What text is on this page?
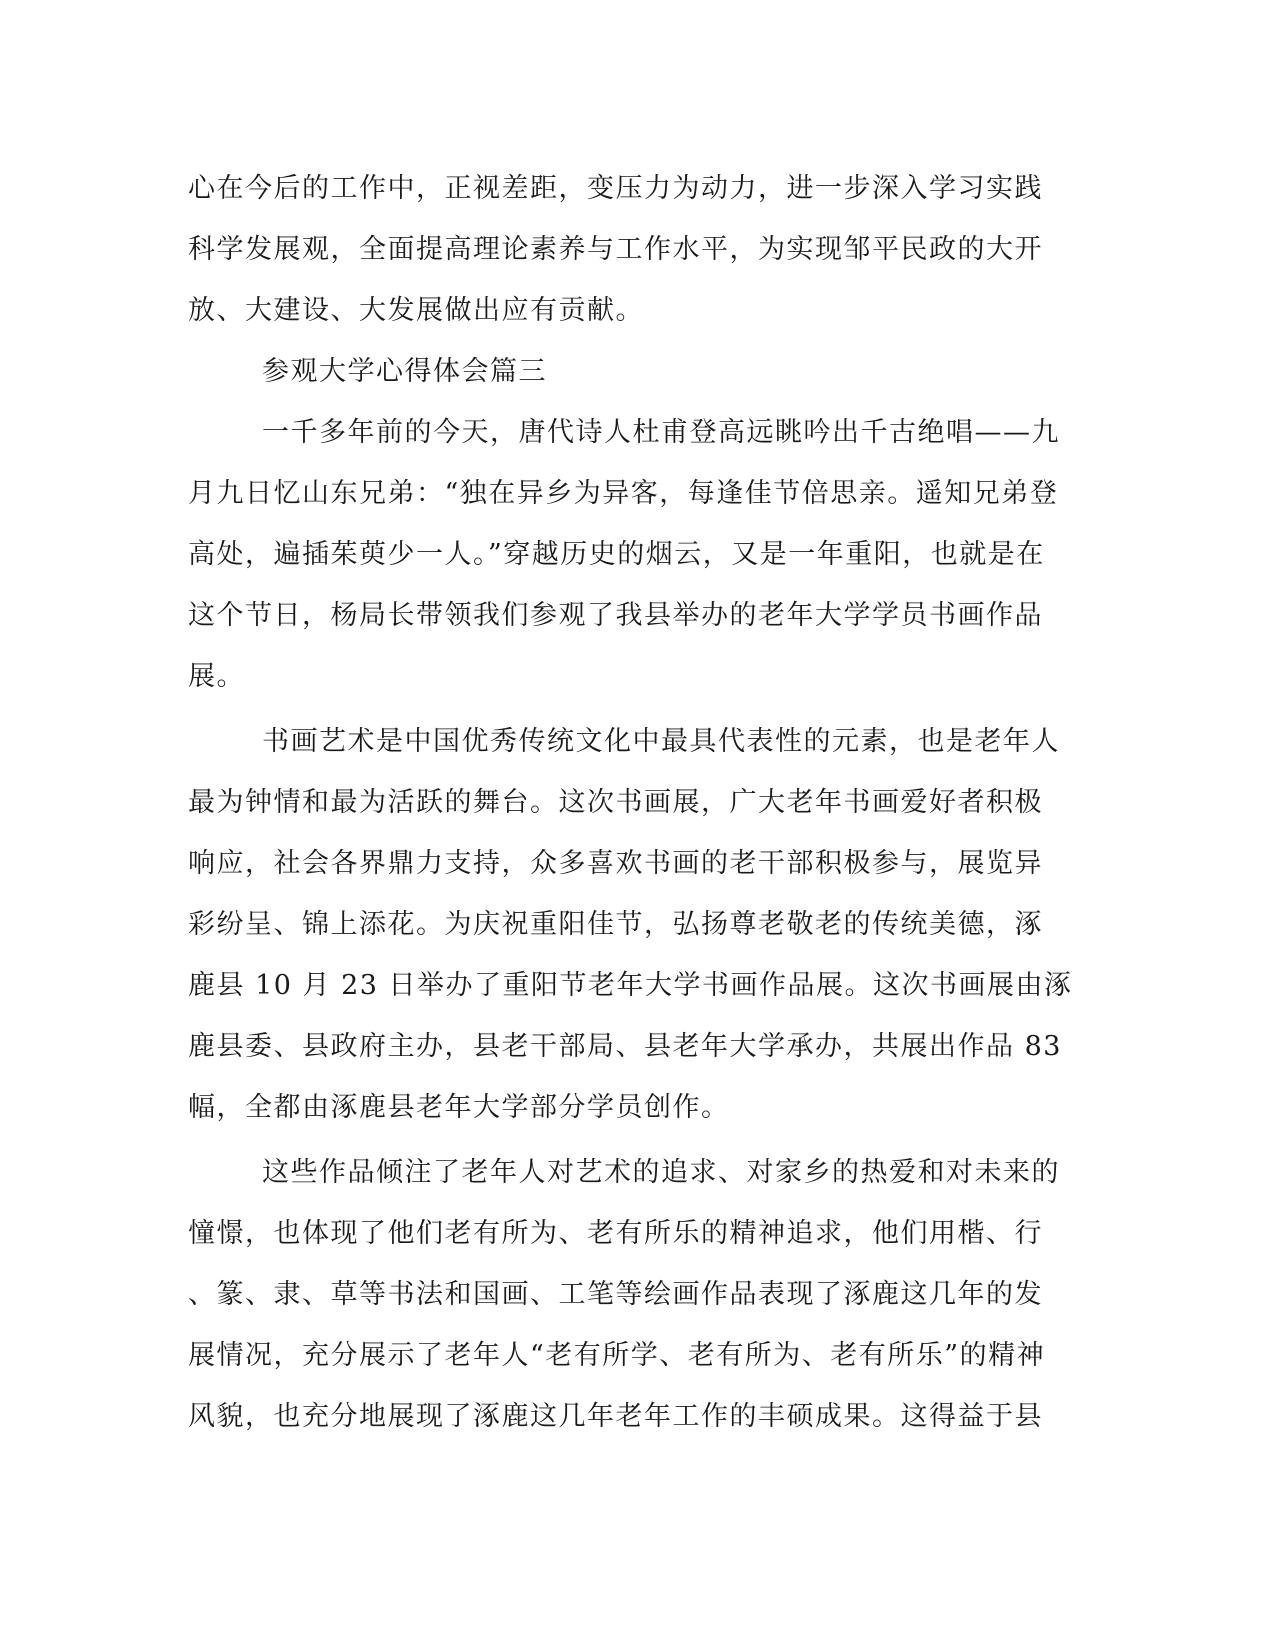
心在今后的工作中，正视差距，变压力为动力，进一步深入学习实践
科学发展观，全面提高理论素养与工作水平，为实现邹平民政的大开
放、大建设、大发展做出应有贡献。
参观大学心得体会篇三
一千多年前的今天，唐代诗人杜甫登高远眺吟出千古绝唱——九
月九日忆山东兄弟：“独在异乡为异客，每逢佳节倍思亲。遥知兄弟登
高处，遍插茱萸少一人。”穿越历史的烟云，又是一年重阳，也就是在
这个节日，杨局长带领我们参观了我县举办的老年大学学员书画作品
展。
书画艺术是中国优秀传统文化中最具代表性的元素，也是老年人
最为钟情和最为活跃的舞台。这次书画展，广大老年书画爱好者积极
响应，社会各界鼎力支持，众多喜欢书画的老干部积极参与，展览异
彩纷呈、锦上添花。为庆祝重阳佳节，弘扬尊老敬老的传统美德，涿
鹿县 10 月 23 日举办了重阳节老年大学书画作品展。这次书画展由涿
鹿县委、县政府主办，县老干部局、县老年大学承办，共展出作品 83
幅，全都由涿鹿县老年大学部分学员创作。
这些作品倾注了老年人对艺术的追求、对家乡的热爱和对未来的
憧憬，也体现了他们老有所为、老有所乐的精神追求，他们用楷、行
、篆、隶、草等书法和国画、工笔等绘画作品表现了涿鹿这几年的发
展情况，充分展示了老年人“老有所学、老有所为、老有所乐”的精神
风貌，也充分地展现了涿鹿这几年老年工作的丰硕成果。这得益于县
